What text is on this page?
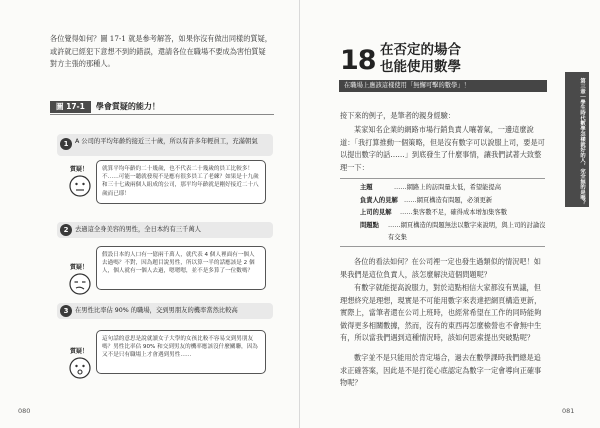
各位覺得如何？圖 17-1 就是參考解答，如果你沒有做出同樣的質疑，或許就已經犯下意想不到的錯誤，還請各位在職場不要成為害怕質疑對方主張的那種人。

圖 17-1	學會質疑的能力！
1	A 公司的平均年齡約接近三十歲，所以有許多年輕員工，充滿朝氣
質疑！	就算平均年齡約二十幾歲，也不代表二十幾歲的員工比較多！不……可能一聽就發現不是應有很多員工了老練？如果是十九歲和三十七歲兩個人組成的公司，那平均年齡就是剛好接近二十八歲而已耶！
2	去過這全身美容的男性，全日本約有三千萬人
質疑！
假設日本的人口有一億兩千萬人，就代表 4 個人裡面有一個人去過嗎？不對，因為題目說男性，所以算一半的話應該是 2 個人，個人就有一個人去過，嗯嗯嗯，並不是多算了一位數嗎？
3	在男性比率佔 90% 的職場，交到男朋友的機率當然比較高
質疑！
這句話的意思是說就讀女子大學的女孩比較不容易交到男朋友嗎？男性比率佔 90% 和交到男友的機率應該沒什麼關聯，因為又不是只有職場上才會遇到男性……
080
18 在否定的場合
也能使用數學
在職場上應該這樣使用「無懈可擊的數學」！	第三章｜學生時代數學怎樣就好的人，完全無的是嗎？

接下來的例子，是筆者的親身經驗：

某家知名企業的網路市場行銷負責人嚷著氣，一邊這麼說道：「我打算推動一個策略，但是沒有數字可以說服上司，要是可以提出數字的話……」到底發生了什麼事情，讓我們試著大致整理一下：

主題	……網路上的訪問量太低，希望能提高
負責人的見解 ……網頁構造有問題，必須更新
上司的見解	……集客數不足，確得成本增加集客數
問題點	……網頁構造的問題無法以數字來說明，與上司的討論沒有交集

各位的看法如何？在公司裡一定也發生過類似的情況吧！如果我們是這位負責人，該怎麼解決這個問題呢？

有數字就能提高說服力，對於這點相信大家都沒有異議，但理想終究是理想，現實是不可能用數字來表達把網頁構造更新，實際上，當筆者還在公司上班時，也經常希望在工作的同時能夠做得更多相關數據，然而，沒有的東西再怎麼檢營也不會無中生有，所以當我們遇到這種情況時，該如何思索提出突破點呢？

數字並不是只能用於肯定場合，過去在數學課時我們總是追求正確答案，因此是不是打從心底認定為數字一定會導向正確事物呢？

081
